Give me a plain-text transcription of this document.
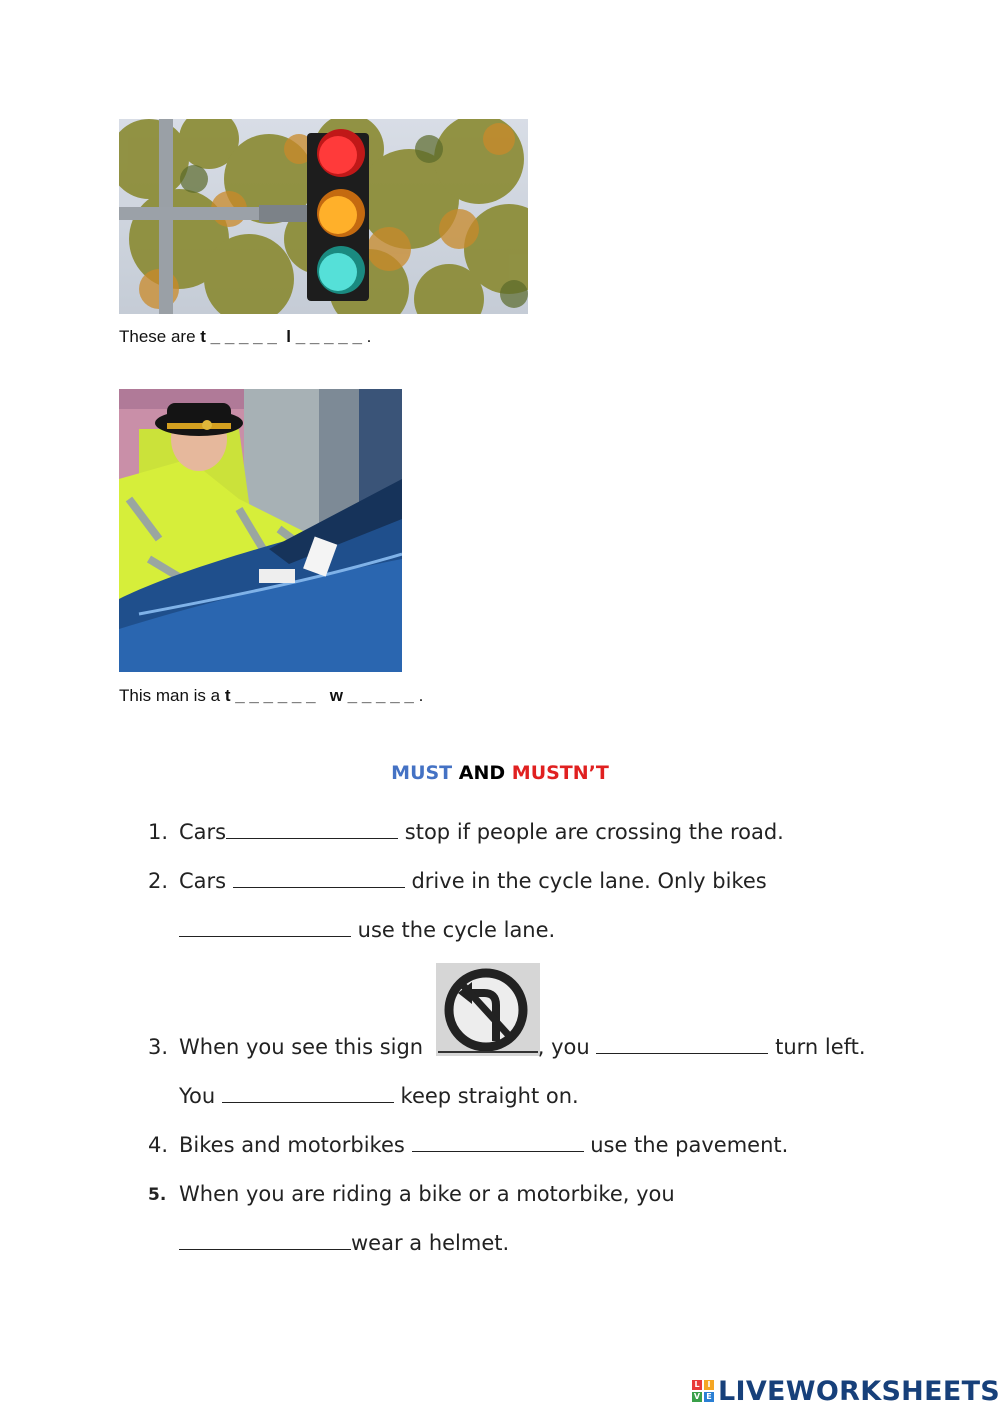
These are t _ _ _ _ _ l _ _ _ _ _ .
This man is a t _ _ _ _ _ _ w _ _ _ _ _ .
MUST AND MUSTN’T
1. Cars	stop if people are crossing the road.
2. Cars	drive in the cycle lane. Only bikes
use the cycle lane.
3. When you see this sign	, you	turn left.
You	keep straight on.
4. Bikes and motorbikes	use the pavement.
5. When you are riding a bike or a motorbike, you
wear a helmet.
L I
V E LIVEWORKSHEETS
